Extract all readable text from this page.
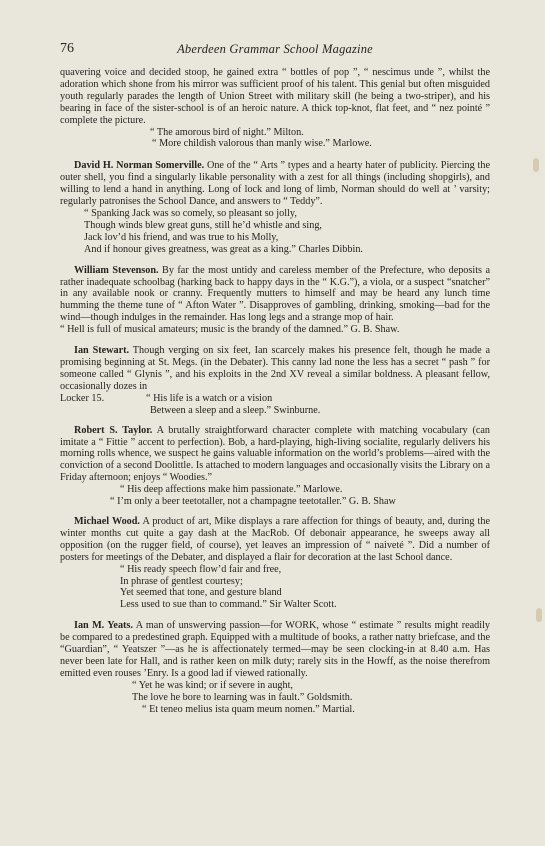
76	Aberdeen Grammar School Magazine

quavering voice and decided stoop, he gained extra “ bottles of pop ”, “ nescimus unde ”, whilst the adoration which shone from his mirror was sufficient proof of his talent. This genial but often misguided youth regularly parades the length of Union Street with military skill (he being a two-striper), and his bearing in face of the sister-school is of an heroic nature. A thick top-knot, flat feet, and “ nez pointé ” complete the picture.

“ The amorous bird of night.” Milton.
“ More childish valorous than manly wise.” Marlowe.

David H. Norman Somerville. One of the “ Arts ” types and a hearty hater of publicity. Piercing the outer shell, you find a singularly likable personality with a zest for all things (including shopgirls), and willing to lend a hand in anything. Long of lock and long of limb, Norman should do well at ’ varsity; regularly patronises the School Dance, and answers to “ Teddy”.

“ Spanking Jack was so comely, so pleasant so jolly,
Though winds blew great guns, still he’d whistle and sing,
Jack lov’d his friend, and was true to his Molly,
And if honour gives greatness, was great as a king.” Charles Dibbin.

William Stevenson. By far the most untidy and careless member of the Prefecture, who deposits a rather inadequate schoolbag (harking back to happy days in the “ K.G.”), a viola, or a suspect “snatcher” in any available nook or cranny. Frequently mutters to himself and may be heard any lunch time humming the theme tune of “ Afton Water ”. Disapproves of gambling, drinking, smoking—bad for the wind—though indulges in the remainder. Has long legs and a strange mop of hair.

“ Hell is full of musical amateurs; music is the brandy of the damned.” G. B. Shaw.

Ian Stewart. Though verging on six feet, Ian scarcely makes his presence felt, though he made a promising beginning at St. Megs. (in the Debater). This canny lad none the less has a secret “ pash ” for someone called “ Glynis ”, and his exploits in the 2nd XV reveal a similar boldness. A pleasant fellow, occasionally dozes in

Locker 15.	“ His life is a watch or a vision
Between a sleep and a sleep.” Swinburne.

Robert S. Taylor. A brutally straightforward character complete with matching vocabulary (can imitate a “ Fittie ” accent to perfection). Bob, a hard-playing, high-living socialite, regularly delivers his morning rolls whence, we suspect he gains valuable information on the world’s problems—aired with the conviction of a second Doolittle. Is attached to modern languages and occasionally visits the Library on a Friday afternoon; enjoys “ Woodies.”

“ His deep affections make him passionate.” Marlowe.
“ I’m only a beer teetotaller, not a champagne teetotaller.” G. B. Shaw

Michael Wood. A product of art, Mike displays a rare affection for things of beauty, and, during the winter months cut quite a gay dash at the MacRob. Of debonair appearance, he sweeps away all opposition (on the rugger field, of course), yet leaves an impression of “ naiveté ”. Did a number of posters for meetings of the Debater, and displayed a flair for decoration at the last School dance.

“ His ready speech flow’d fair and free,
In phrase of gentlest courtesy;
Yet seemed that tone, and gesture bland
Less used to sue than to command.” Sir Walter Scott.

Ian M. Yeats. A man of unswerving passion—for WORK, whose “ estimate ” results might readily be compared to a predestined graph. Equipped with a multitude of books, a rather natty briefcase, and the “Guardian”, “ Yeatszer ”—as he is affectionately termed—may be seen clocking-in at 8.40 a.m. Has never been late for Hall, and is rather keen on milk duty; rarely sits in the Howff, as the noise therefrom emitted even rouses ’Enry. Is a good lad if viewed rationally.

“ Yet he was kind; or if severe in aught,
The love he bore to learning was in fault.” Goldsmith.
“ Et teneo melius ista quam meum nomen.” Martial.
